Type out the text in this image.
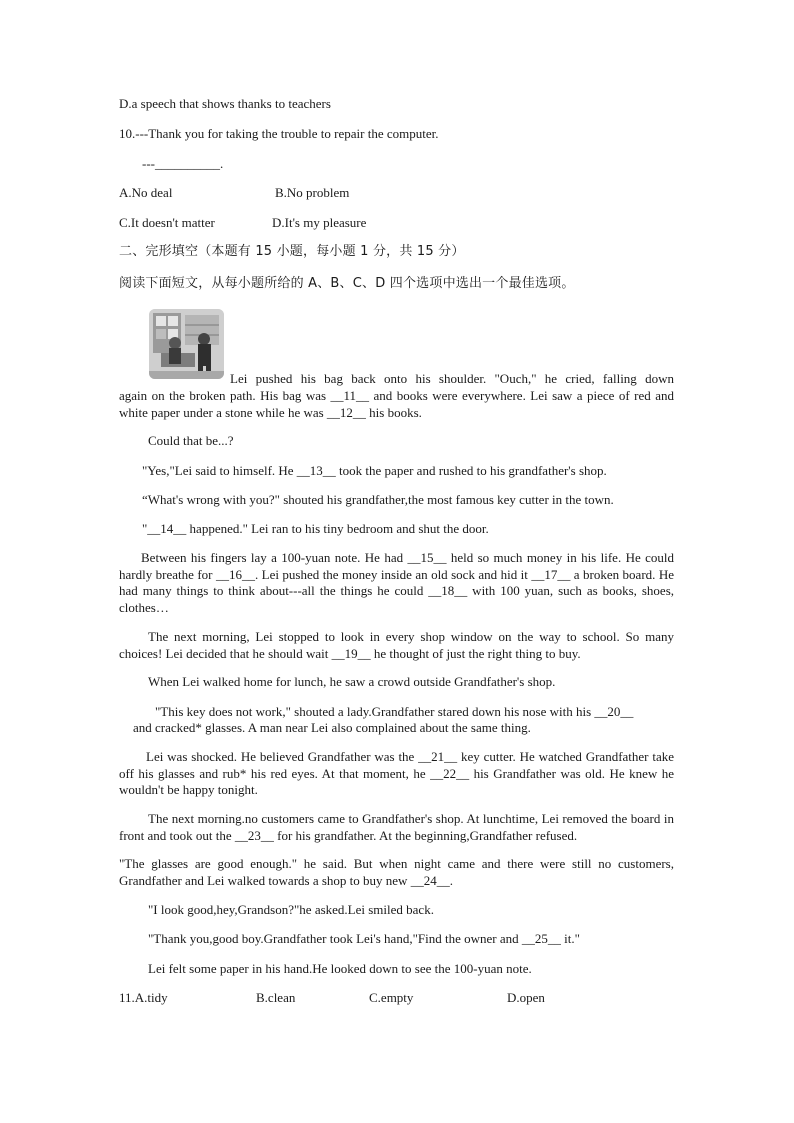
D.a speech that shows thanks to teachers
10.---Thank you for taking the trouble to repair the computer.
---__________.
A.No deal	B.No problem
C.It doesn't matter	D.It's my pleasure
二、完形填空（本题有 15 小题，每小题 1 分，共 15 分）
阅读下面短文，从每小题所给的 A、B、C、D 四个选项中选出一个最佳选项。
Lei pushed his bag back onto his shoulder. "Ouch," he cried, falling down
again on the broken path. His bag was __11__ and books were everywhere. Lei saw a piece of red and white paper under a stone while he was __12__ his books.
Could that be...?
"Yes,"Lei said to himself. He __13__ took the paper and rushed to his grandfather's shop.
“What's wrong with you?" shouted his grandfather,the most famous key cutter in the town.
"__14__ happened." Lei ran to his tiny bedroom and shut the door.
Between his fingers lay a 100-yuan note. He had __15__ held so much money in his life. He could hardly breathe for __16__. Lei pushed the money inside an old sock and hid it __17__ a broken board. He had many things to think about---all the things he could __18__ with 100 yuan, such as books, shoes, clothes…
The next morning, Lei stopped to look in every shop window on the way to school. So many choices! Lei decided that he should wait __19__ he thought of just the right thing to buy.
When Lei walked home for lunch, he saw a crowd outside Grandfather's shop.
"This key does not work," shouted a lady.Grandfather stared down his nose with his __20__
and cracked* glasses. A man near Lei also complained about the same thing.
Lei was shocked. He believed Grandfather was the __21__ key cutter. He watched Grandfather take off his glasses and rub* his red eyes. At that moment, he __22__ his Grandfather was old. He knew he wouldn't be happy tonight.
The next morning.no customers came to Grandfather's shop. At lunchtime, Lei removed the board in front and took out the __23__ for his grandfather. At the beginning,Grandfather refused.
"The glasses are good enough." he said. But when night came and there were still no customers, Grandfather and Lei walked towards a shop to buy new __24__.
"I look good,hey,Grandson?"he asked.Lei smiled back.
"Thank you,good boy.Grandfather took Lei's hand,"Find the owner and __25__ it."
Lei felt some paper in his hand.He looked down to see the 100-yuan note.
11.A.tidy	B.clean	C.empty	D.open
